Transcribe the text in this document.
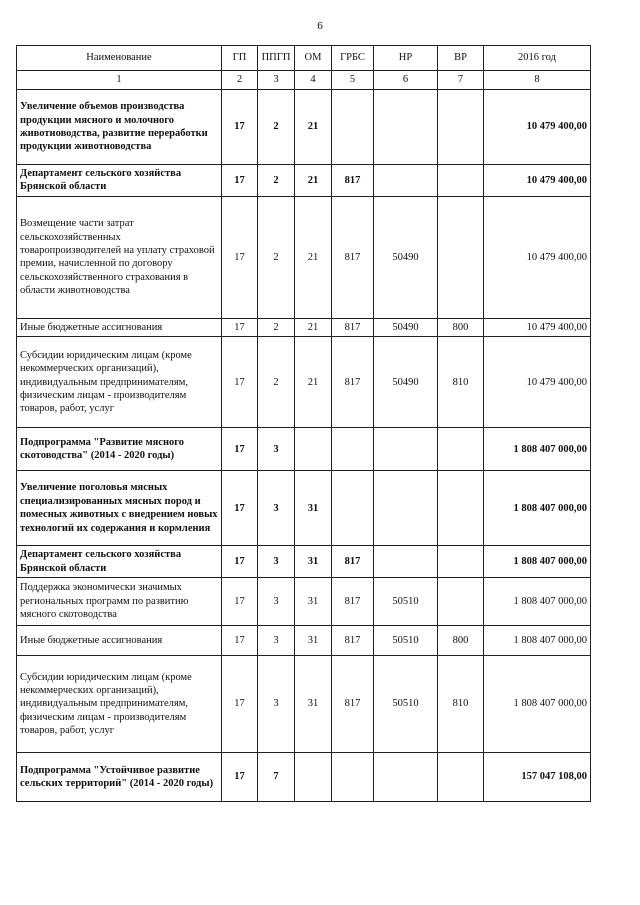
6
Наименование	ГП	ППГП	ОМ	ГРБС	НР	ВР	2016 год
1	2	3	4	5	6	7	8
Увеличение объемов производства продукции мясного и молочного животноводства, развитие переработки продукции животноводства	17	2	21				10 479 400,00
Департамент сельского хозяйства Брянской области	17	2	21	817			10 479 400,00
Возмещение части затрат сельскохозяйственных товаропроизводителей на уплату страховой премии, начисленной по договору сельскохозяйственного страхования в области животноводства	17	2	21	817	50490		10 479 400,00
Иные бюджетные ассигнования	17	2	21	817	50490	800	10 479 400,00
Субсидии юридическим лицам (кроме некоммерческих организаций), индивидуальным предпринимателям, физическим лицам - производителям товаров, работ, услуг	17	2	21	817	50490	810	10 479 400,00
Подпрограмма "Развитие мясного скотоводства" (2014 - 2020 годы)	17	3					1 808 407 000,00
Увеличение поголовья мясных специализированных мясных пород и помесных животных с внедрением новых технологий их содержания и кормления	17	3	31				1 808 407 000,00
Департамент сельского хозяйства Брянской области	17	3	31	817			1 808 407 000,00
Поддержка экономически значимых региональных программ по развитию мясного скотоводства	17	3	31	817	50510		1 808 407 000,00
Иные бюджетные ассигнования	17	3	31	817	50510	800	1 808 407 000,00
Субсидии юридическим лицам (кроме некоммерческих организаций), индивидуальным предпринимателям, физическим лицам - производителям товаров, работ, услуг	17	3	31	817	50510	810	1 808 407 000,00
Подпрограмма "Устойчивое развитие сельских территорий" (2014 - 2020 годы)	17	7					157 047 108,00
